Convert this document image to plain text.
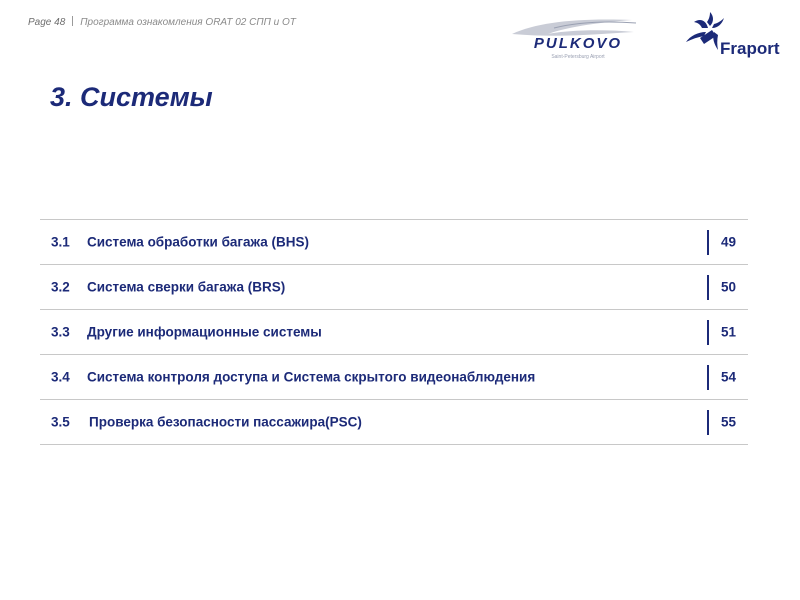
Page 48 Программа ознакомления ORAT 02 СПП и ОТ
PULKOVO
Saint-Petersburg Airport	Fraport
3. Системы
3.1 Система обработки багажа (BHS)	49
3.2 Система сверки багажа (BRS)	50
3.3 Другие информационные системы	51
3.4 Система контроля доступа и Система скрытого видеонаблюдения	54
3.5 Проверка безопасности пассажира(PSC)	55
